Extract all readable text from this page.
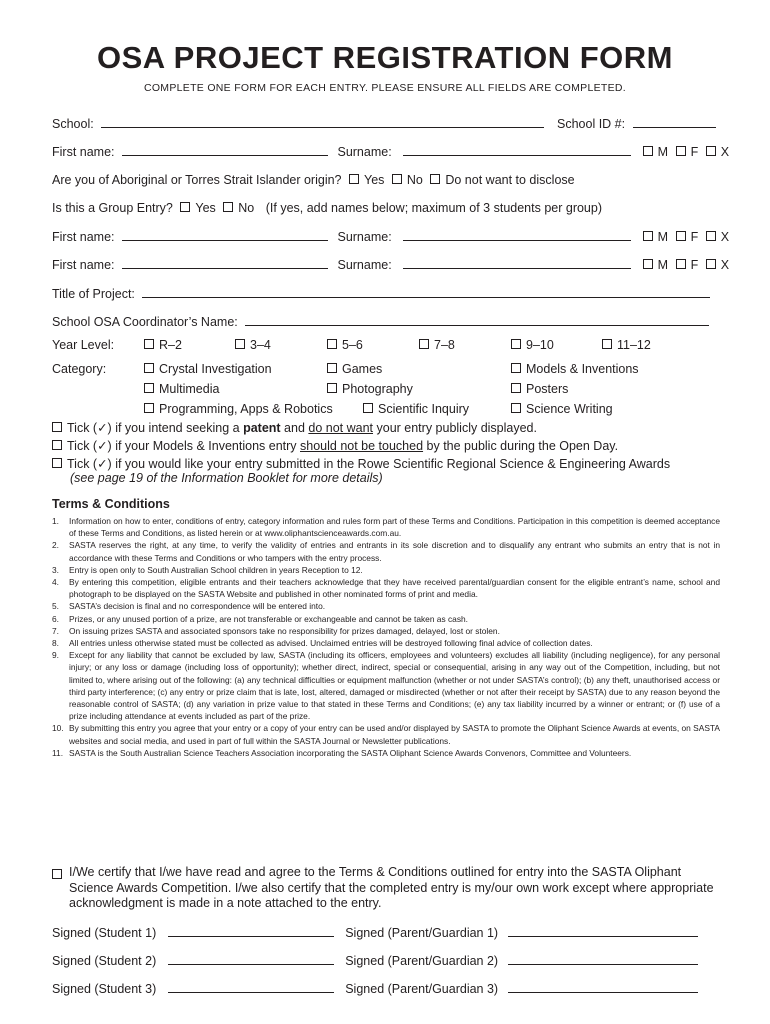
OSA PROJECT REGISTRATION FORM
COMPLETE ONE FORM FOR EACH ENTRY. PLEASE ENSURE ALL FIELDS ARE COMPLETED.
School:	School ID #:
First name:	Surname:	M F X
Are you of Aboriginal or Torres Strait Islander origin? Yes No Do not want to disclose
Is this a Group Entry? Yes No (If yes, add names below; maximum of 3 students per group)
First name:	Surname:	M F X
First name:	Surname:	M F X
Title of Project:
School OSA Coordinator’s Name:
Year Level:	R–2	3–4	5–6	7–8	9–10	11–12
Category:	Crystal Investigation	Games	Models & Inventions
Multimedia	Photography	Posters
Programming, Apps & Robotics	Scientific Inquiry	Science Writing
Tick (✓) if you intend seeking a patent and do not want your entry publicly displayed.
Tick (✓) if your Models & Inventions entry should not be touched by the public during the Open Day.
Tick (✓) if you would like your entry submitted in the Rowe Scientific Regional Science & Engineering Awards
(see page 19 of the Information Booklet for more details)
Terms & Conditions
1.	Information on how to enter, conditions of entry, category information and rules form part of these Terms and Conditions. Participation in this competition is deemed acceptance of these Terms and Conditions, as listed herein or at www.oliphantscienceawards.com.au.
2.	SASTA reserves the right, at any time, to verify the validity of entries and entrants in its sole discretion and to disqualify any entrant who submits an entry that is not in accordance with these Terms and Conditions or who tampers with the entry process.
3.	Entry is open only to South Australian School children in years Reception to 12.
4.	By entering this competition, eligible entrants and their teachers acknowledge that they have received parental/guardian consent for the eligible entrant’s name, school and photograph to be displayed on the SASTA Website and published in other nominated forms of print and media.
5.	SASTA’s decision is final and no correspondence will be entered into.
6.	Prizes, or any unused portion of a prize, are not transferable or exchangeable and cannot be taken as cash.
7.	On issuing prizes SASTA and associated sponsors take no responsibility for prizes damaged, delayed, lost or stolen.
8.	All entries unless otherwise stated must be collected as advised. Unclaimed entries will be destroyed following final advice of collection dates.
9.	Except for any liability that cannot be excluded by law, SASTA (including its officers, employees and volunteers) excludes all liability (including negligence), for any personal injury; or any loss or damage (including loss of opportunity); whether direct, indirect, special or consequential, arising in any way out of the Competition, including, but not limited to, where arising out of the following: (a) any technical difficulties or equipment malfunction (whether or not under SASTA’s control); (b) any theft, unauthorised access or third party interference; (c) any entry or prize claim that is late, lost, altered, damaged or misdirected (whether or not after their receipt by SASTA) due to any reason beyond the reasonable control of SASTA; (d) any variation in prize value to that stated in these Terms and Conditions; (e) any tax liability incurred by a winner or entrant; or (f) use of a prize including attendance at events included as part of the prize.
10. By submitting this entry you agree that your entry or a copy of your entry can be used and/or displayed by SASTA to promote the Oliphant Science Awards at events, on SASTA websites and social media, and used in part of full within the SASTA Journal or Newsletter publications.
11. SASTA is the South Australian Science Teachers Association incorporating the SASTA Oliphant Science Awards Convenors, Committee and Volunteers.
I/We certify that I/we have read and agree to the Terms & Conditions outlined for entry into the SASTA Oliphant Science Awards Competition. I/we also certify that the completed entry is my/our own work except where appropriate acknowledgment is made in a note attached to the entry.
Signed (Student 1)	Signed (Parent/Guardian 1)
Signed (Student 2)	Signed (Parent/Guardian 2)
Signed (Student 3)	Signed (Parent/Guardian 3)
